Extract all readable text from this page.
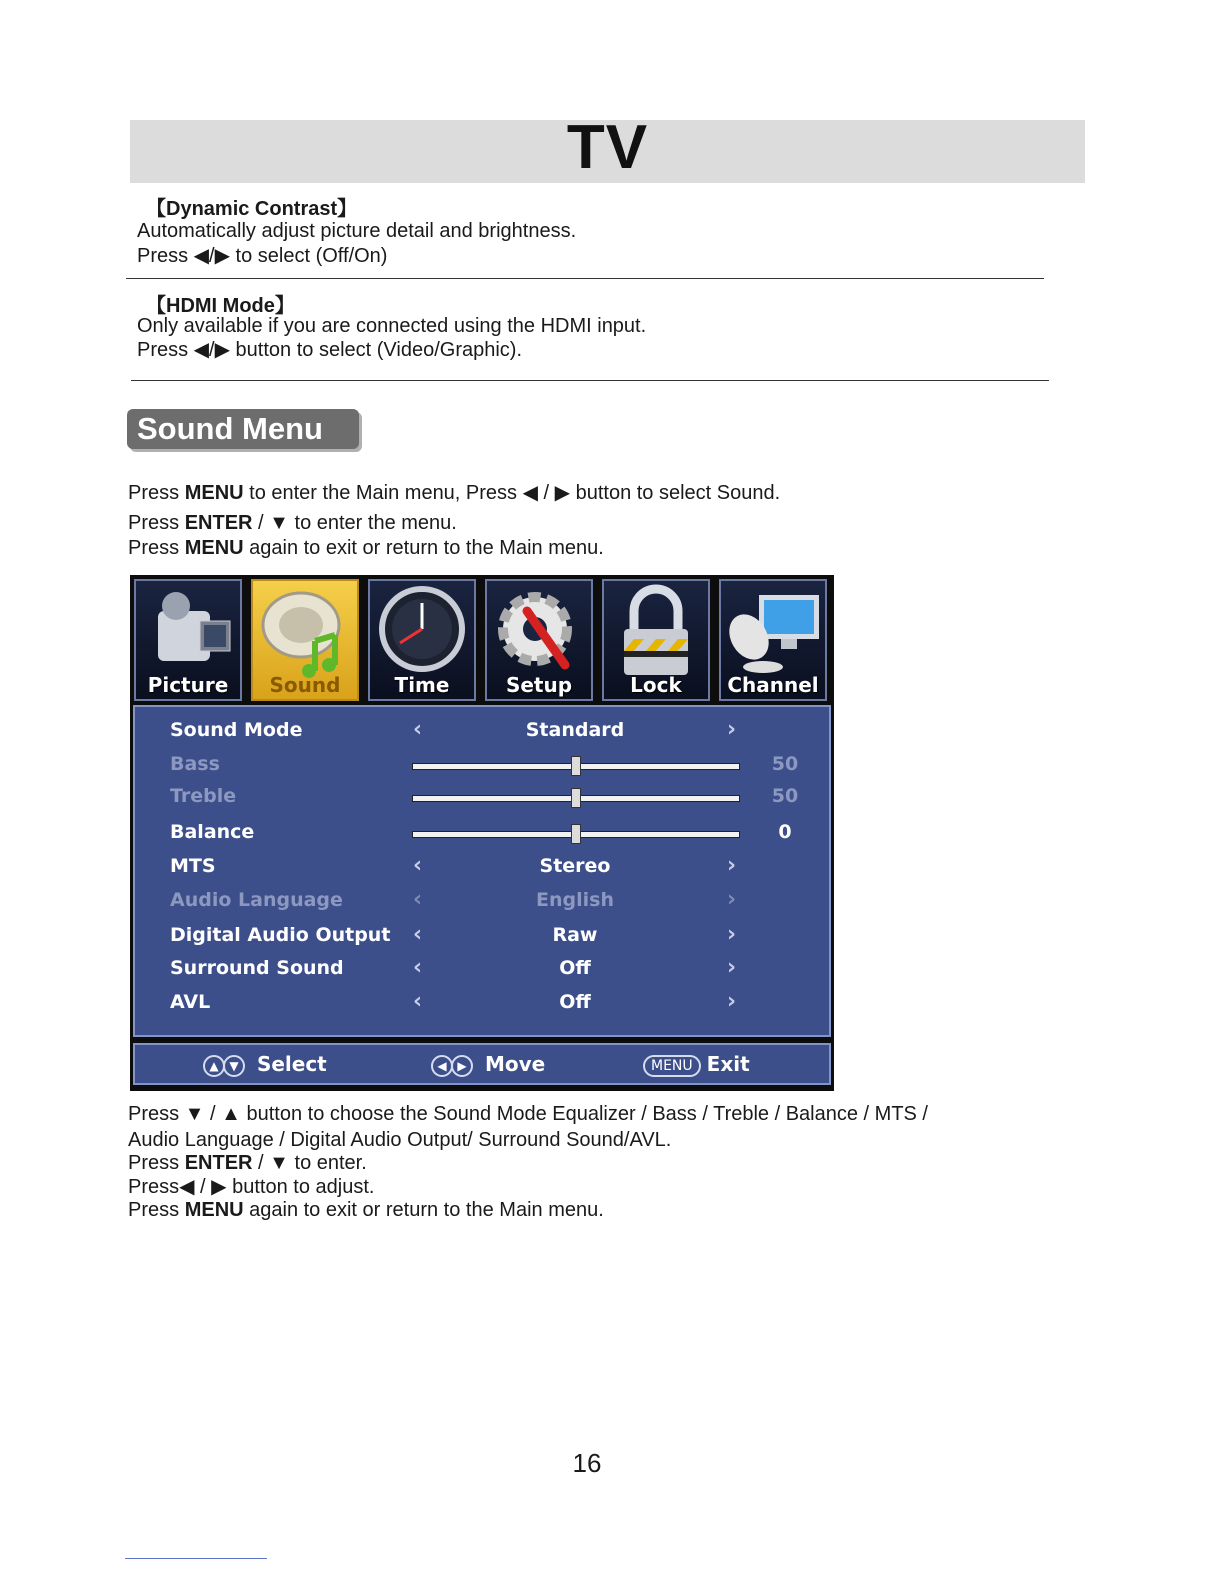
TV
【Dynamic Contrast】
Automatically adjust picture detail and brightness.
Press ◀/▶ to select (Off/On)
【HDMI Mode】
Only available if you are connected using the HDMI input.
Press ◀/▶ button to select (Video/Graphic).
Sound Menu
Press MENU to enter the Main menu, Press ◀ / ▶ button to select Sound.
Press ENTER / ▼ to enter the menu.
Press MENU again to exit or return to the Main menu.
Picture	Sound	Time	Setup	Lock	Channel
Sound Mode	‹	Standard	›
Bass	50
Treble	50
Balance	0
MTS	‹	Stereo	›
Audio Language	‹	English	›
Digital Audio Output ‹	Raw	›
Surround Sound	‹	Off	›
AVL	‹	Off	›
▲ ▼ Select	◀ ▶ Move	MENU Exit
Press ▼ / ▲ button to choose the Sound Mode Equalizer / Bass / Treble / Balance / MTS /
Audio Language / Digital Audio Output/ Surround Sound/AVL.
Press ENTER / ▼ to enter.
Press◀ / ▶ button to adjust.
Press MENU again to exit or return to the Main menu.
16
